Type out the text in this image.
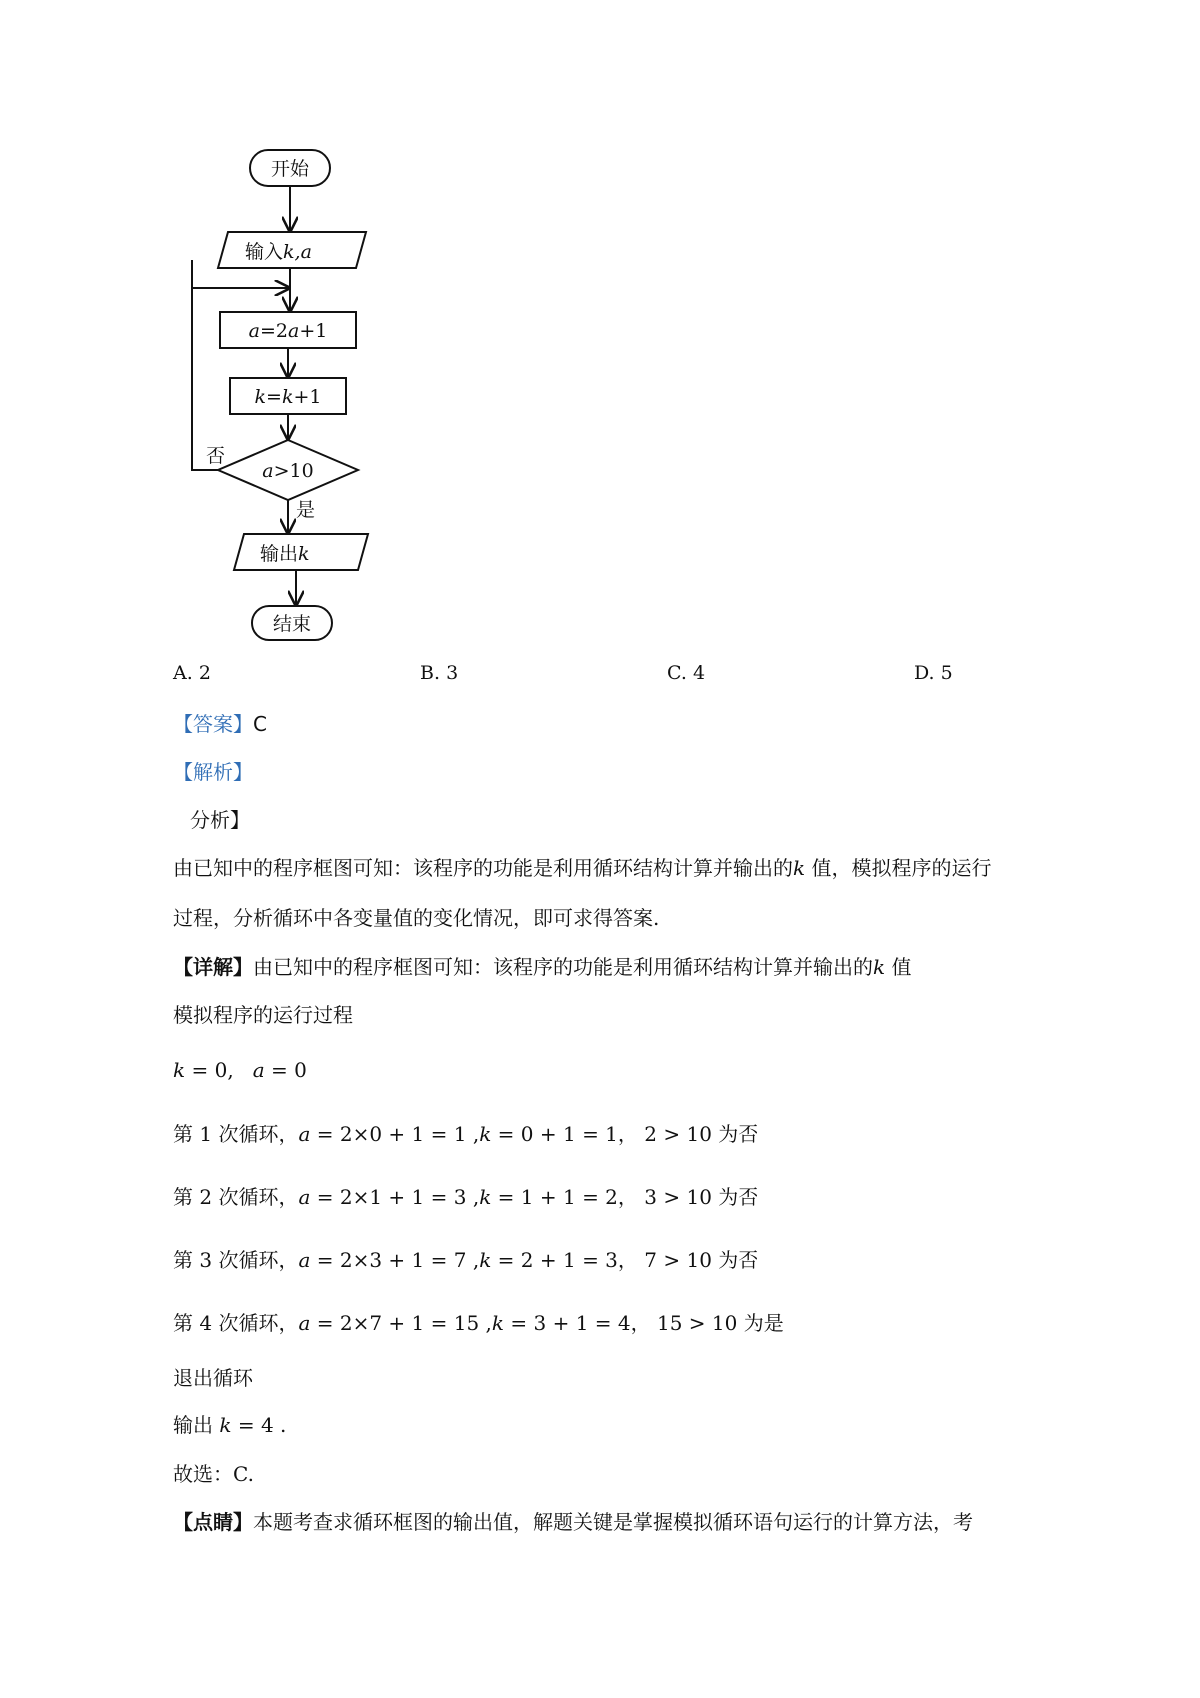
开始
输入k,a
a=2a+1
k=k+1
a>10
否
是
输出k
结束
A. 2	B. 3	C. 4	D. 5
【答案】C
【解析】
分析】
由已知中的程序框图可知：该程序的功能是利用循环结构计算并输出的k 值，模拟程序的运行
过程，分析循环中各变量值的变化情况，即可求得答案.
【详解】由已知中的程序框图可知：该程序的功能是利用循环结构计算并输出的k 值
模拟程序的运行过程
k = 0, a = 0
第 1 次循环，a = 2×0 + 1 = 1 ,k = 0 + 1 = 1， 2 > 10 为否
第 2 次循环，a = 2×1 + 1 = 3 ,k = 1 + 1 = 2， 3 > 10 为否
第 3 次循环，a = 2×3 + 1 = 7 ,k = 2 + 1 = 3， 7 > 10 为否
第 4 次循环，a = 2×7 + 1 = 15 ,k = 3 + 1 = 4， 15 > 10 为是
退出循环
输出 k = 4 .
故选：C.
【点睛】本题考查求循环框图的输出值，解题关键是掌握模拟循环语句运行的计算方法，考
